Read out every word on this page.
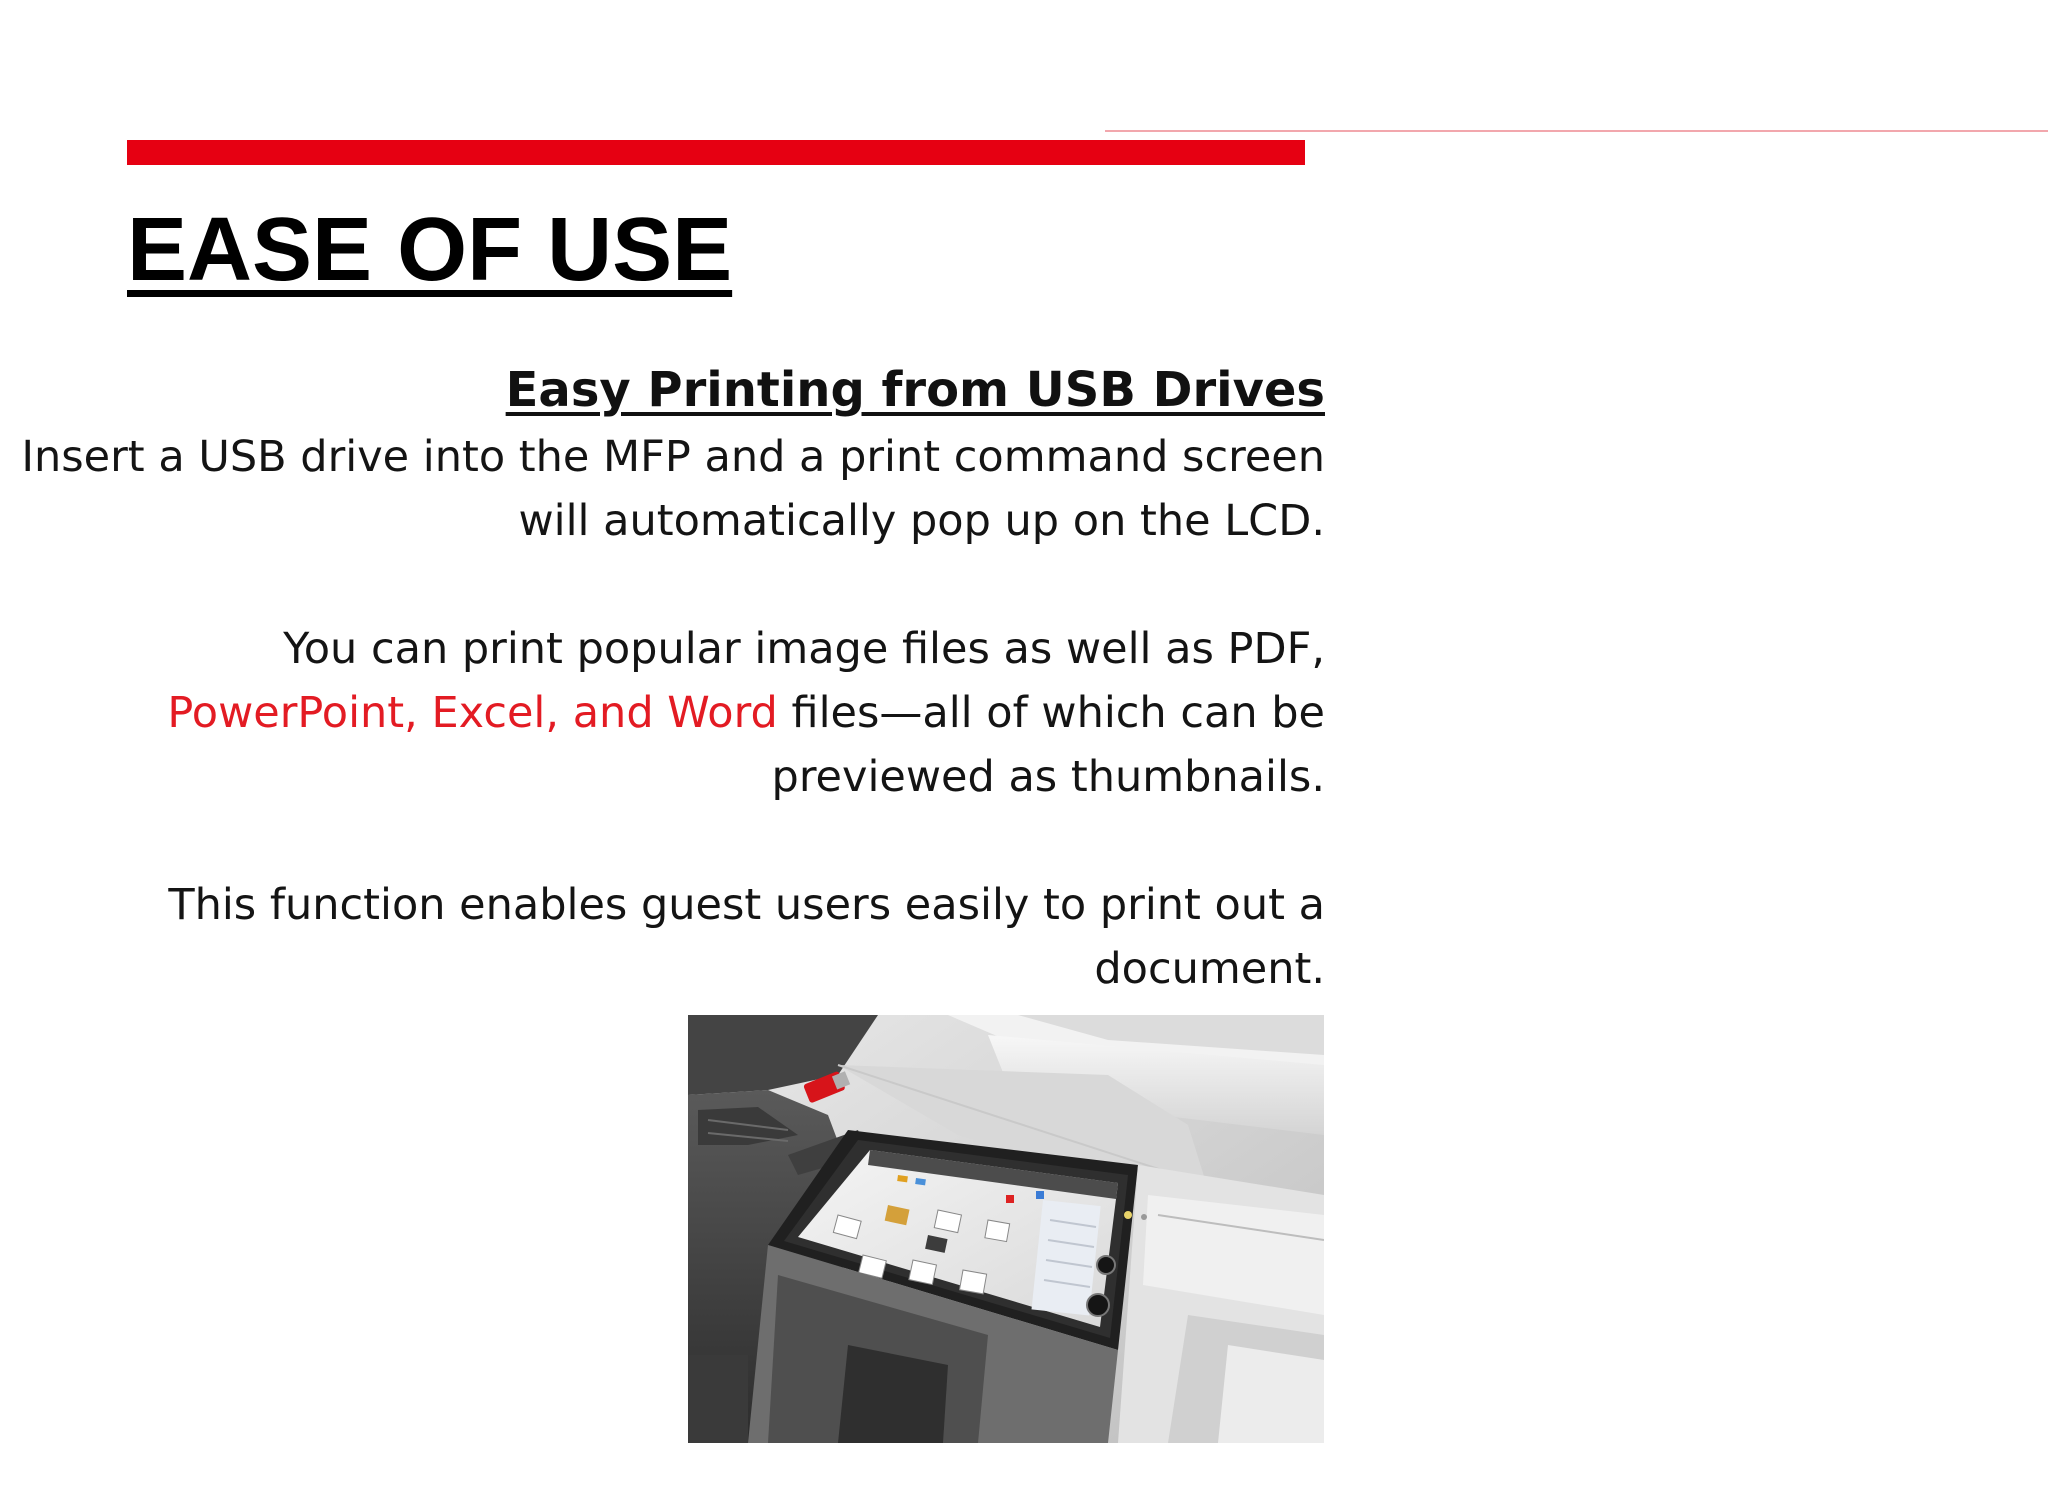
EASE OF USE
Easy Printing from USB Drives

Insert a USB drive into the MFP and a print command screen will automatically pop up on the LCD.

You can print popular image files as well as PDF, PowerPoint, Excel, and Word files—all of which can be previewed as thumbnails.

This function enables guest users easily to print out a document.
